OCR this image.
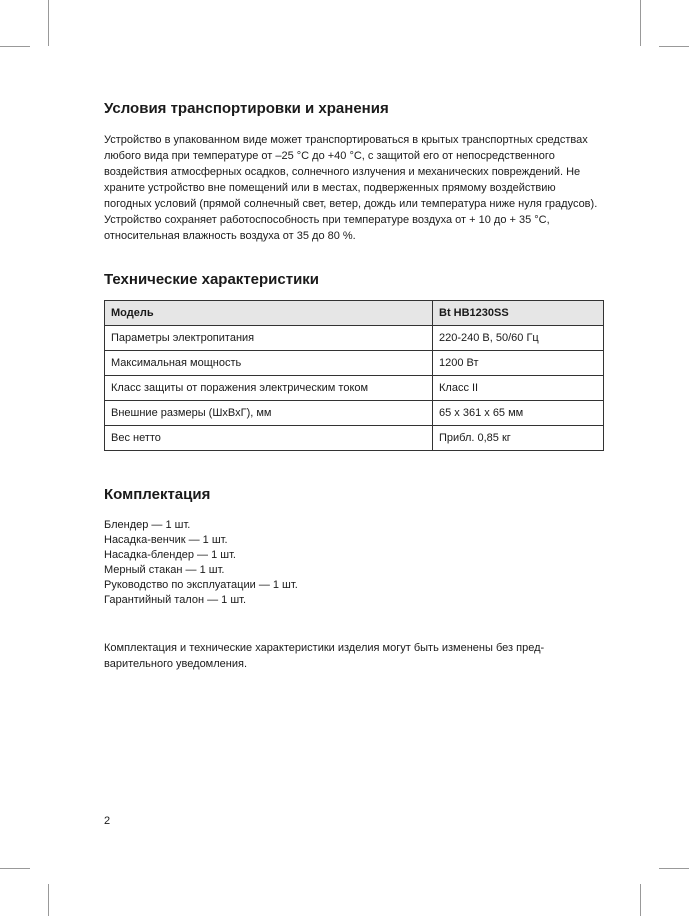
Условия транспортировки и хранения

Устройство в упакованном виде может транспортироваться в крытых транспортных средствах любого вида при температуре от –25 °С до +40 °С, с защитой его от непосредственного воздействия атмосферных осадков, солнечного излучения и механических повреждений. Не храните устройство вне помещений или в местах, подверженных прямому воздействию погодных условий (прямой солнечный свет, ветер, дождь или температура ниже нуля градусов). Устройство сохраняет работоспособность при температуре воздуха от + 10 до + 35 °С, относительная влажность воздуха от 35 до 80 %.

Технические характеристики
Модель	Bt HB1230SS
Параметры электропитания	220-240 В, 50/60 Гц
Максимальная мощность	1200 Вт
Класс защиты от поражения электрическим током	Класс II
Внешние размеры (ШхВхГ), мм	65 х 361 х 65 мм
Вес нетто	Прибл. 0,85 кг
Комплектация
Блендер — 1 шт.
Насадка-венчик — 1 шт.
Насадка-блендер — 1 шт.
Мерный стакан — 1 шт.
Руководство по эксплуатации — 1 шт.
Гарантийный талон — 1 шт.

Комплектация и технические характеристики изделия могут быть изменены без предварительного уведомления.

2
